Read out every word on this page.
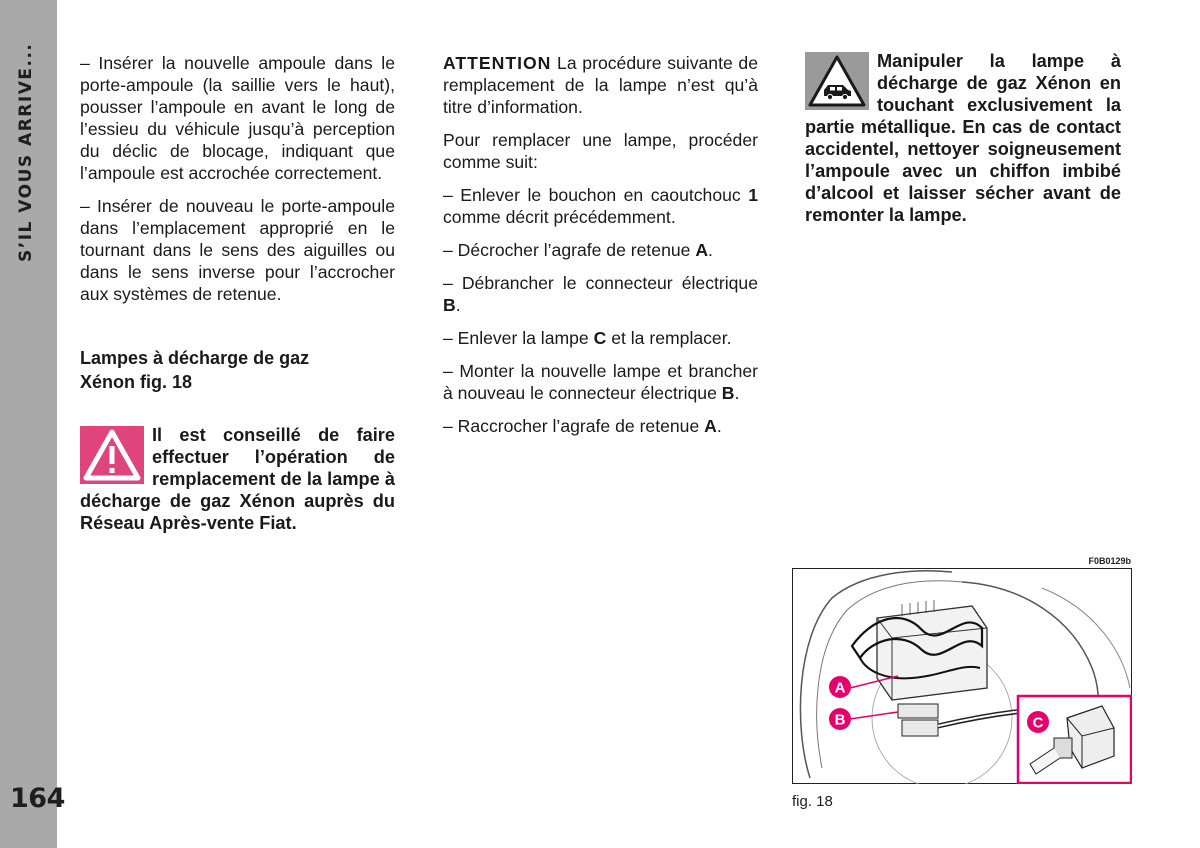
S’IL VOUS ARRIVE...
164

– Insérer la nouvelle ampoule dans le porte-ampoule (la saillie vers le haut), pousser l’ampoule en avant le long de l’essieu du véhicule jusqu’à perception du déclic de blocage, indiquant que l’ampoule est accrochée correctement.

– Insérer de nouveau le porte-ampoule dans l’emplacement approprié en le tournant dans le sens des aiguilles ou dans le sens inverse pour l’accrocher aux systèmes de retenue.

Lampes à décharge de gaz
Xénon fig. 18
Il est conseillé de faire effectuer l’opération de remplacement de la lampe à décharge de gaz Xénon auprès du Réseau Après-vente Fiat.

ATTENTION La procédure suivante de remplacement de la lampe n’est qu’à titre d’information.

Pour remplacer une lampe, procéder comme suit:

– Enlever le bouchon en caoutchouc 1 comme décrit précédemment.

– Décrocher l’agrafe de retenue A.

– Débrancher le connecteur électrique B.

– Enlever la lampe C et la remplacer.

– Monter la nouvelle lampe et brancher à nouveau le connecteur électrique B.

– Raccrocher l’agrafe de retenue A.

Manipuler la lampe à décharge de gaz Xénon en touchant exclusivement la partie métallique. En cas de contact accidentel, nettoyer soigneusement l’ampoule avec un chiffon imbibé d’alcool et laisser sécher avant de remonter la lampe.
F0B0129b
A
B	C
fig. 18
